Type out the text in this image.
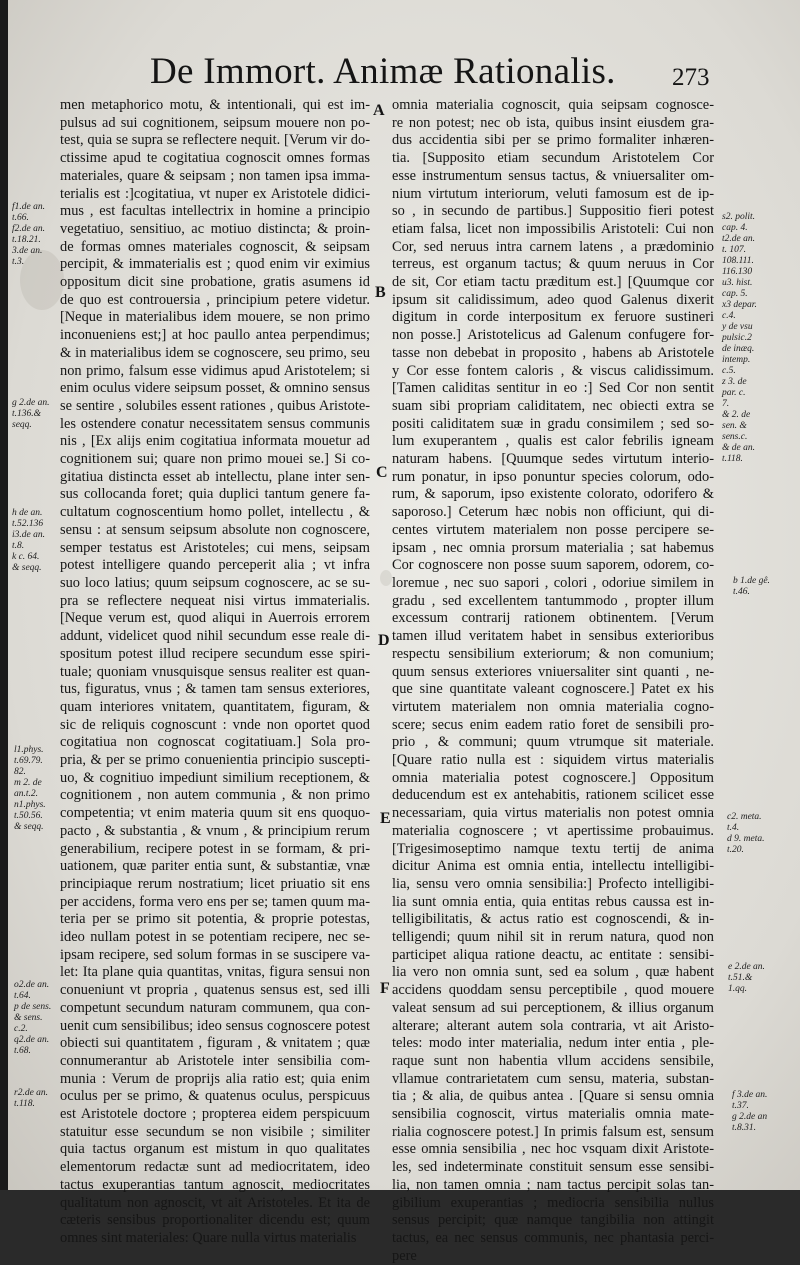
De Immort. Animæ Rationalis. 273
men metaphorico motu, & intentionali, qui est im-
pulsus ad sui cognitionem, seipsum mouere non po-
test, quia se supra se reflectere nequit. [Verum vir do-
ctissime apud te cogitatiua cognoscit omnes formas
materiales, quare & seipsam ; non tamen ipsa imma-
terialis est :]cogitatiua, vt nuper ex Aristotele didici-
mus , est facultas intellectrix in homine a principio
vegetatiuo, sensitiuo, ac motiuo distincta; & proin-
de formas omnes materiales cognoscit, & seipsam
percipit, & immaterialis est ; quod enim vir eximius
oppositum dicit sine probatione, gratis asumens id
de quo est controuersia , principium petere videtur.
[Neque in materialibus idem mouere, se non primo
inconueniens est;] at hoc paullo antea perpendimus;
& in materialibus idem se cognoscere, seu primo, seu
non primo, falsum esse vidimus apud Aristotelem; si
enim oculus videre seipsum posset, & omnino sensus
se sentire , solubiles essent rationes , quibus Aristote-
les ostendere conatur necessitatem sensus communis
nis , [Ex alijs enim cogitatiua informata mouetur ad
cognitionem sui; quare non primo mouei se.] Si co-
gitatiua distincta esset ab intellectu, plane inter sen-
sus collocanda foret; quia duplici tantum genere fa-
cultatum cognoscentium homo pollet, intellectu , &
sensu : at sensum seipsum absolute non cognoscere,
semper testatus est Aristoteles; cui mens, seipsam
potest intelligere quando perceperit alia ; vt infra
suo loco latius; quum seipsum cognoscere, ac se su-
pra se reflectere nequeat nisi virtus immaterialis.
[Neque verum est, quod aliqui in Auerrois errorem
addunt, videlicet quod nihil secundum esse reale di-
spositum potest illud recipere secundum esse spiri-
tuale; quoniam vnusquisque sensus realiter est quan-
tus, figuratus, vnus ; & tamen tam sensus exteriores,
quam interiores vnitatem, quantitatem, figuram, &
sic de reliquis cognoscunt : vnde non oportet quod
cogitatiua non cognoscat cogitatiuam.] Sola pro-
pria, & per se primo conuenientia principio suscepti-
uo, & cognitiuo impediunt similium receptionem, &
cognitionem , non autem communia , & non primo
competentia; vt enim materia quum sit ens quoquo-
pacto , & substantia , & vnum , & principium rerum
generabilium, recipere potest in se formam, & pri-
uationem, quæ pariter entia sunt, & substantiæ, vnæ
principiaque rerum nostratium; licet priuatio sit ens
per accidens, forma vero ens per se; tamen quum ma-
teria per se primo sit potentia, & proprie potestas,
ideo nullam potest in se potentiam recipere, nec se-
ipsam recipere, sed solum formas in se suscipere va-
let: Ita plane quia quantitas, vnitas, figura sensui non
conueniunt vt propria , quatenus sensus est, sed illi
competunt secundum naturam communem, qua con-
uenit cum sensibilibus; ideo sensus cognoscere potest
obiecti sui quantitatem , figuram , & vnitatem ; quæ
connumerantur ab Aristotele inter sensibilia com-
munia : Verum de proprijs alia ratio est; quia enim
oculus per se primo, & quatenus oculus, perspicuus
est Aristotele doctore ; propterea eidem perspicuum
statuitur esse secundum se non visibile ; similiter
quia tactus organum est mistum in quo qualitates
elementorum redactæ sunt ad mediocritatem, ideo
tactus exuperantias tantum agnoscit, mediocritates
qualitatum non agnoscit, vt ait Aristoteles. Et ita de
cæteris sensibus proportionaliter dicendu est; quum
omnes sint materiales: Quare nulla virtus materialis
omnia materialia cognoscit, quia seipsam cognosce-
re non potest; nec ob ista, quibus insint eiusdem gra-
dus accidentia sibi per se primo formaliter inhæren-
tia. [Supposito etiam secundum Aristotelem Cor
esse instrumentum sensus tactus, & vniuersaliter om-
nium virtutum interiorum, veluti famosum est de ip-
so , in secundo de partibus.] Suppositio fieri potest
etiam falsa, licet non impossibilis Aristoteli: Cui non
Cor, sed neruus intra carnem latens , a prædominio
terreus, est organum tactus; & quum neruus in Cor
de sit, Cor etiam tactu præditum est.] [Quumque cor
ipsum sit calidissimum, adeo quod Galenus dixerit
digitum in corde interpositum ex feruore sustineri
non posse.] Aristotelicus ad Galenum confugere for-
tasse non debebat in proposito , habens ab Aristotele
y Cor esse fontem caloris , & viscus calidissimum.
[Tamen caliditas sentitur in eo :] Sed Cor non sentit
suam sibi propriam caliditatem, nec obiecti extra se
positi caliditatem suæ in gradu consimilem ; sed so-
lum exuperantem , qualis est calor febrilis igneam
naturam habens. [Quumque sedes virtutum interio-
rum ponatur, in ipso ponuntur species colorum, odo-
rum, & saporum, ipso existente colorato, odorifero &
saporoso.] Ceterum hæc nobis non officiunt, qui di-
centes virtutem materialem non posse percipere se-
ipsam , nec omnia prorsum materialia ; sat habemus
Cor cognoscere non posse suum saporem, odorem, co-
loremue , nec suo sapori , colori , odoriue similem in
gradu , sed excellentem tantummodo , propter illum
excessum contrarij rationem obtinentem. [Verum
tamen illud veritatem habet in sensibus exterioribus
respectu sensibilium exteriorum; & non comunium;
quum sensus exteriores vniuersaliter sint quanti , ne-
que sine quantitate valeant cognoscere.] Patet ex his
virtutem materialem non omnia materialia cogno-
scere; secus enim eadem ratio foret de sensibili pro-
prio , & communi; quum vtrumque sit materiale.
[Quare ratio nulla est : siquidem virtus materialis
omnia materialia potest cognoscere.] Oppositum
deducendum est ex antehabitis, rationem scilicet esse
necessariam, quia virtus materialis non potest omnia
materialia cognoscere ; vt apertissime probauimus.
[Trigesimoseptimo namque textu tertij de anima
dicitur Anima est omnia entia, intellectu intelligibi-
lia, sensu vero omnia sensibilia:] Profecto intelligibi-
lia sunt omnia entia, quia entitas rebus caussa est in-
telligibilitatis, & actus ratio est cognoscendi, & in-
telligendi; quum nihil sit in rerum natura, quod non
participet aliqua ratione deactu, ac entitate : sensibi-
lia vero non omnia sunt, sed ea solum , quæ habent
accidens quoddam sensu perceptibile , quod mouere
valeat sensum ad sui perceptionem, & illius organum
alterare; alterant autem sola contraria, vt ait Aristo-
teles: modo inter materialia, nedum inter entia , ple-
raque sunt non habentia vllum accidens sensibile,
vllamue contrarietatem cum sensu, materia, substan-
tia ; & alia, de quibus antea . [Quare si sensu omnia
sensibilia cognoscit, virtus materialis omnia mate-
rialia cognoscere potest.] In primis falsum est, sensum
esse omnia sensibilia , nec hoc vsquam dixit Aristote-
les, sed indeterminate constituit sensum esse sensibi-
lia, non tamen omnia ; nam tactus percipit solas tan-
gibilium exuperantias ; mediocria sensibilia nullus
sensus percipit; quæ namque tangibilia non attingit
tactus, ea nec sensus communis, nec phantasia perci-
pere
A
B
C
D
E
F
f1.de an.
t.66.
f2.de an.
t.18.21.
3.de an.
t.3.
g 2.de an.
t.136.&
seqq.
h de an.
t.52.136
i3.de an.
t.8.
k c. 64.
& seqq.
l1.phys.
t.69.79.
82.
m 2. de
an.t.2.
n1.phys.
t.50.56.
& seqq.
o2.de an.
t.64.
p de sens.
& sens.
c.2.
q2.de an.
t.68.
r2.de an.
t.118.
s2. polit.
cap. 4.
t2.de an.
t. 107.
108.111.
116.130
u3. hist.
cap. 5.
x3 depar.
c.4.
y de vsu
pulsic.2
de inæq.
intemp.
c.5.
z 3. de
par. c.
7.
& 2. de
sen. &
sens.c.
& de an.
t.118.
b 1.de gê.
t.46.
c2. meta.
t.4.
d 9. meta.
t.20.
e 2.de an.
t.51.&
1.qq.
f 3.de an.
t.37.
g 2.de an
t.8.31.
